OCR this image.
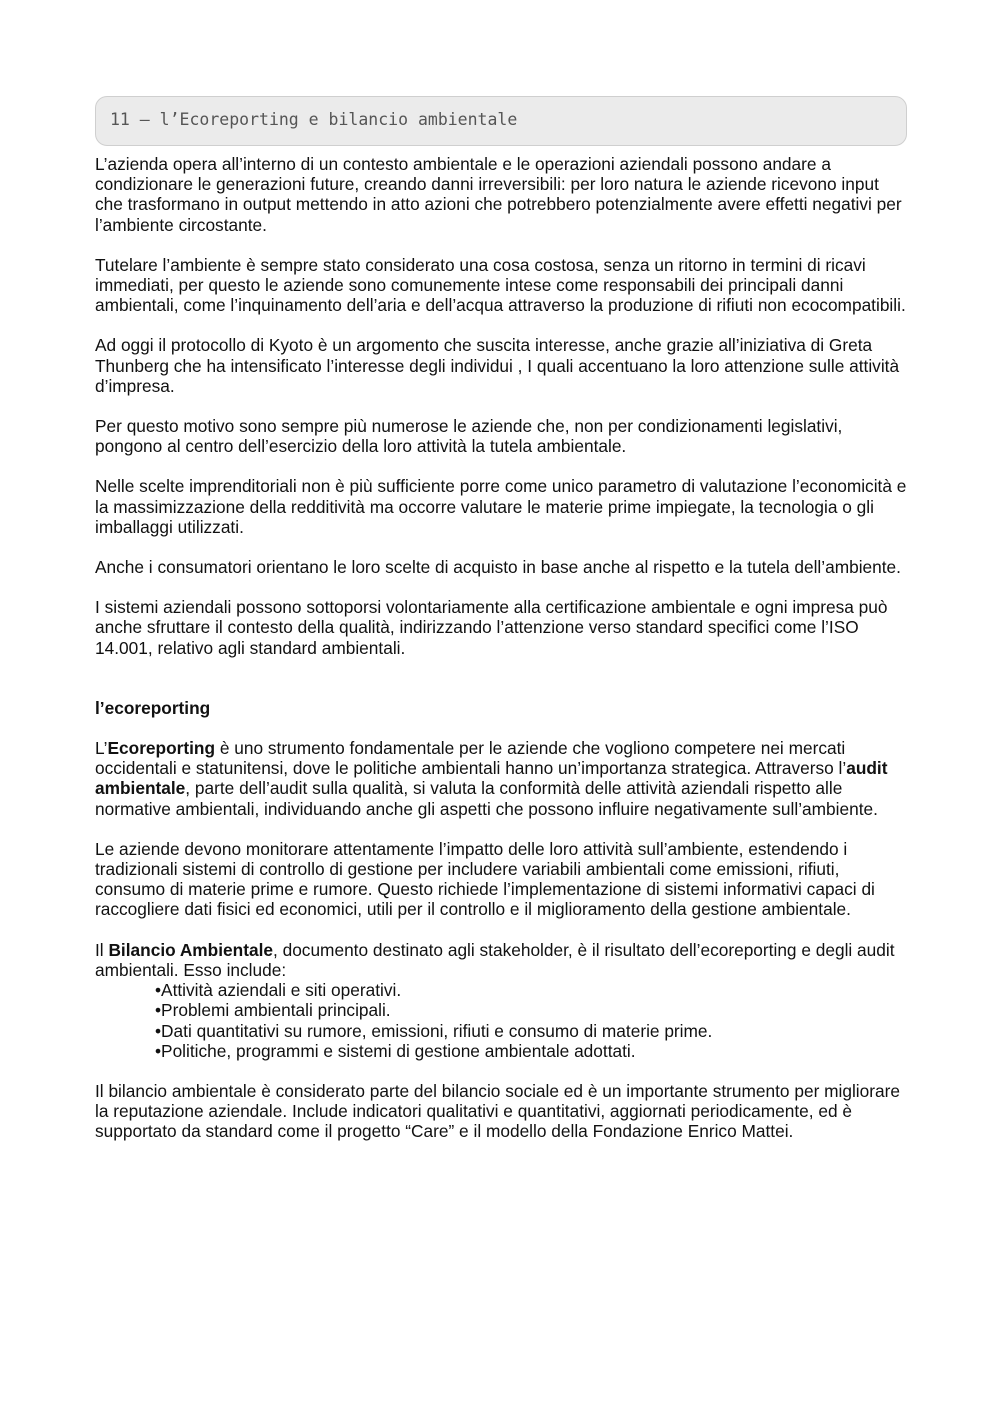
11 – l’Ecoreporting e bilancio ambientale

L’azienda opera all’interno di un contesto ambientale e le operazioni aziendali possono andare a condizionare le generazioni future, creando danni irreversibili: per loro natura le aziende ricevono input che trasformano in output mettendo in atto azioni che potrebbero potenzialmente avere effetti negativi per l’ambiente circostante.

Tutelare l’ambiente è sempre stato considerato una cosa costosa, senza un ritorno in termini di ricavi immediati, per questo le aziende sono comunemente intese come responsabili dei principali danni ambientali, come l’inquinamento dell’aria e dell’acqua attraverso la produzione di rifiuti non ecocompatibili.

Ad oggi il protocollo di Kyoto è un argomento che suscita interesse, anche grazie all’iniziativa di Greta Thunberg che ha intensificato l’interesse degli individui , I quali accentuano la loro attenzione sulle attività d’impresa.

Per questo motivo sono sempre più numerose le aziende che, non per condizionamenti legislativi, pongono al centro dell’esercizio della loro attività la tutela ambientale.

Nelle scelte imprenditoriali non è più sufficiente porre come unico parametro di valutazione l’economicità e la massimizzazione della redditività ma occorre valutare le materie prime impiegate, la tecnologia o gli imballaggi utilizzati.

Anche i consumatori orientano le loro scelte di acquisto in base anche al rispetto e la tutela dell’ambiente.

I sistemi aziendali possono sottoporsi volontariamente alla certificazione ambientale e ogni impresa può anche sfruttare il contesto della qualità, indirizzando l’attenzione verso standard specifici come l’ISO 14.001, relativo agli standard ambientali.

l’ecoreporting

L’Ecoreporting è uno strumento fondamentale per le aziende che vogliono competere nei mercati occidentali e statunitensi, dove le politiche ambientali hanno un’importanza strategica. Attraverso l’audit ambientale, parte dell’audit sulla qualità, si valuta la conformità delle attività aziendali rispetto alle normative ambientali, individuando anche gli aspetti che possono influire negativamente sull’ambiente.

Le aziende devono monitorare attentamente l’impatto delle loro attività sull’ambiente, estendendo i tradizionali sistemi di controllo di gestione per includere variabili ambientali come emissioni, rifiuti, consumo di materie prime e rumore. Questo richiede l’implementazione di sistemi informativi capaci di raccogliere dati fisici ed economici, utili per il controllo e il miglioramento della gestione ambientale.

Il Bilancio Ambientale, documento destinato agli stakeholder, è il risultato dell’ecoreporting e degli audit ambientali. Esso include:

•Attività aziendali e siti operativi.
•Problemi ambientali principali.
•Dati quantitativi su rumore, emissioni, rifiuti e consumo di materie prime.
•Politiche, programmi e sistemi di gestione ambientale adottati.

Il bilancio ambientale è considerato parte del bilancio sociale ed è un importante strumento per migliorare la reputazione aziendale. Include indicatori qualitativi e quantitativi, aggiornati periodicamente, ed è supportato da standard come il progetto “Care” e il modello della Fondazione Enrico Mattei.
